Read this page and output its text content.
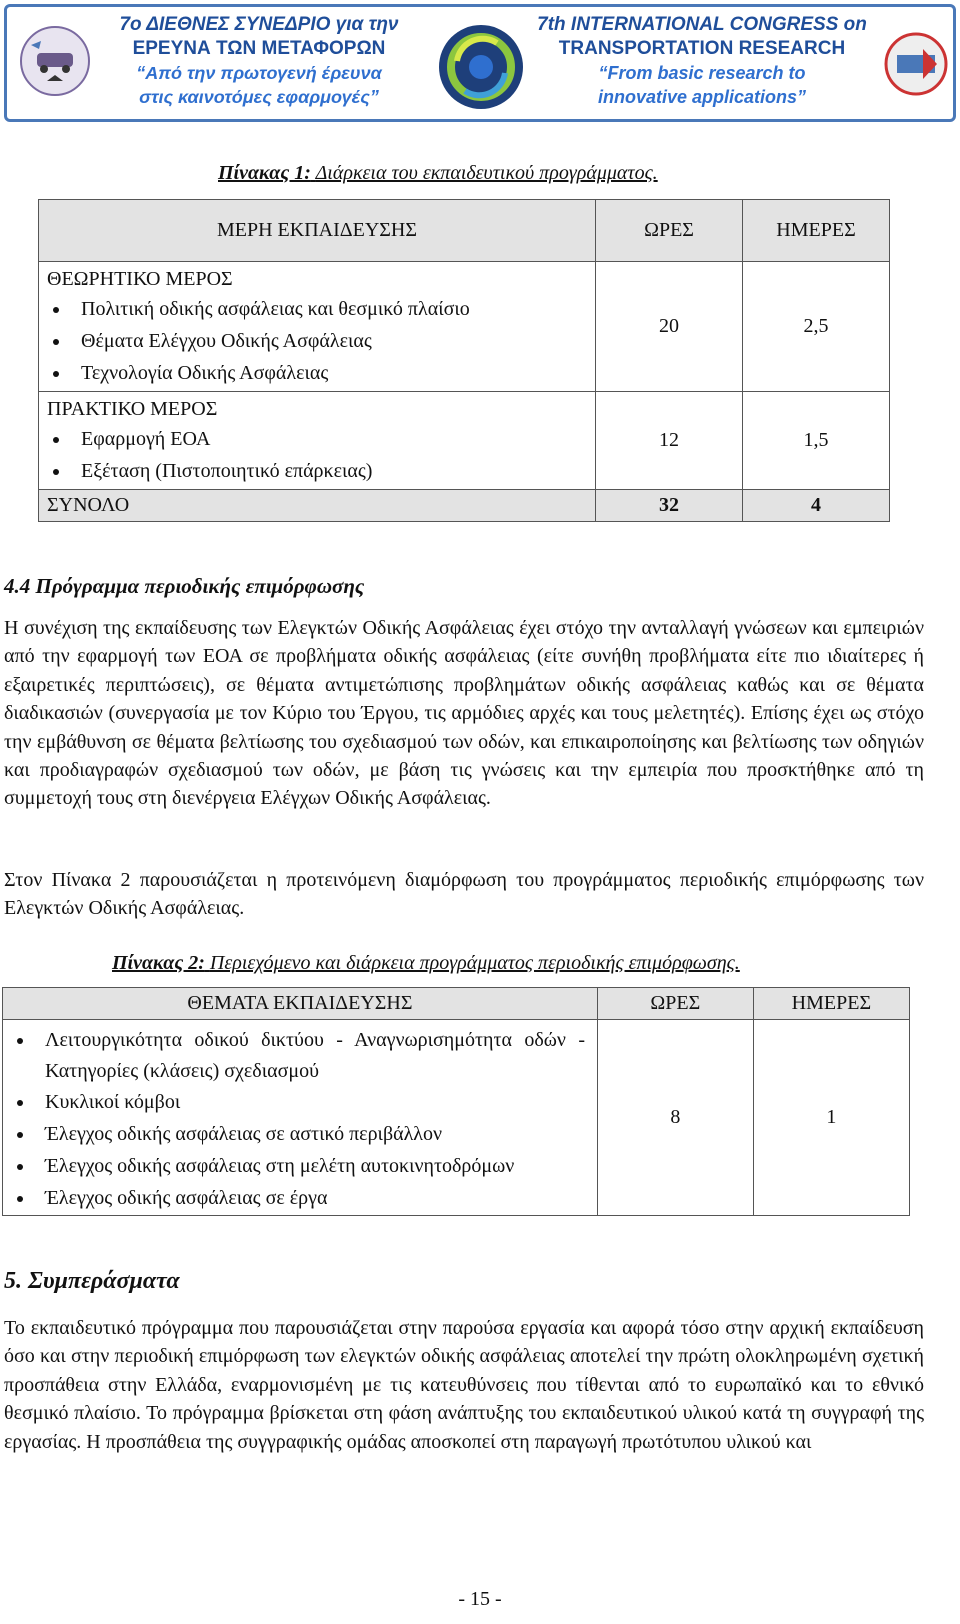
7ο ΔΙΕΘΝΕΣ ΣΥΝΕΔΡΙΟ για την
ΕΡΕΥΝΑ ΤΩΝ ΜΕΤΑΦΟΡΩΝ
“Από την πρωτογενή έρευνα
στις καινοτόμες εφαρμογές”
7th INTERNATIONAL CONGRESS on
TRANSPORTATION RESEARCH
“From basic research to
innovative applications”
Πίνακας 1: Διάρκεια του εκπαιδευτικού προγράμματος.
ΜΕΡΗ ΕΚΠΑΙΔΕΥΣΗΣ	ΩΡΕΣ	ΗΜΕΡΕΣ

ΘΕΩΡΗΤΙΚΟ ΜΕΡΟΣ
Πολιτική οδικής ασφάλειας και θεσμικό πλαίσιο
Θέματα Ελέγχου Οδικής Ασφάλειας
Τεχνολογία Οδικής Ασφάλειας	20	2,5

ΠΡΑΚΤΙΚΟ ΜΕΡΟΣ
Εφαρμογή ΕΟΑ
Εξέταση (Πιστοποιητικό επάρκειας)	12	1,5
ΣΥΝΟΛΟ	32	4
4.4 Πρόγραμμα περιοδικής επιμόρφωσης
Η συνέχιση της εκπαίδευσης των Ελεγκτών Οδικής Ασφάλειας έχει στόχο την ανταλλαγή γνώσεων και εμπειριών από την εφαρμογή των ΕΟΑ σε προβλήματα οδικής ασφάλειας (είτε συνήθη προβλήματα είτε πιο ιδιαίτερες ή εξαιρετικές περιπτώσεις), σε θέματα αντιμετώπισης προβλημάτων οδικής ασφάλειας καθώς και σε θέματα διαδικασιών (συνεργασία με τον Κύριο του Έργου, τις αρμόδιες αρχές και τους μελετητές). Επίσης έχει ως στόχο την εμβάθυνση σε θέματα βελτίωσης του σχεδιασμού των οδών, και επικαιροποίησης και βελτίωσης των οδηγιών και προδιαγραφών σχεδιασμού των οδών, με βάση τις γνώσεις και την εμπειρία που προσκτήθηκε από τη συμμετοχή τους στη διενέργεια Ελέγχων Οδικής Ασφάλειας.
Στον Πίνακα 2 παρουσιάζεται η προτεινόμενη διαμόρφωση του προγράμματος περιοδικής επιμόρφωσης των Ελεγκτών Οδικής Ασφάλειας.
Πίνακας 2: Περιεχόμενο και διάρκεια προγράμματος περιοδικής επιμόρφωσης.
ΘΕΜΑΤΑ ΕΚΠΑΙΔΕΥΣΗΣ	ΩΡΕΣ	ΗΜΕΡΕΣ

Λειτουργικότητα οδικού δικτύου - Αναγνωρισημότητα οδών - Κατηγορίες (κλάσεις) σχεδιασμού
Κυκλικοί κόμβοι
Έλεγχος οδικής ασφάλειας σε αστικό περιβάλλον
Έλεγχος οδικής ασφάλειας στη μελέτη αυτοκινητοδρόμων
Έλεγχος οδικής ασφάλειας σε έργα	8	1
5. Συμπεράσματα
Το εκπαιδευτικό πρόγραμμα που παρουσιάζεται στην παρούσα εργασία και αφορά τόσο στην αρχική εκπαίδευση όσο και στην περιοδική επιμόρφωση των ελεγκτών οδικής ασφάλειας αποτελεί την πρώτη ολοκληρωμένη σχετική προσπάθεια στην Ελλάδα, εναρμονισμένη με τις κατευθύνσεις που τίθενται από το ευρωπαϊκό και το εθνικό θεσμικό πλαίσιο. Το πρόγραμμα βρίσκεται στη φάση ανάπτυξης του εκπαιδευτικού υλικού κατά τη συγγραφή της εργασίας. Η προσπάθεια της συγγραφικής ομάδας αποσκοπεί στη παραγωγή πρωτότυπου υλικού και
- 15 -
